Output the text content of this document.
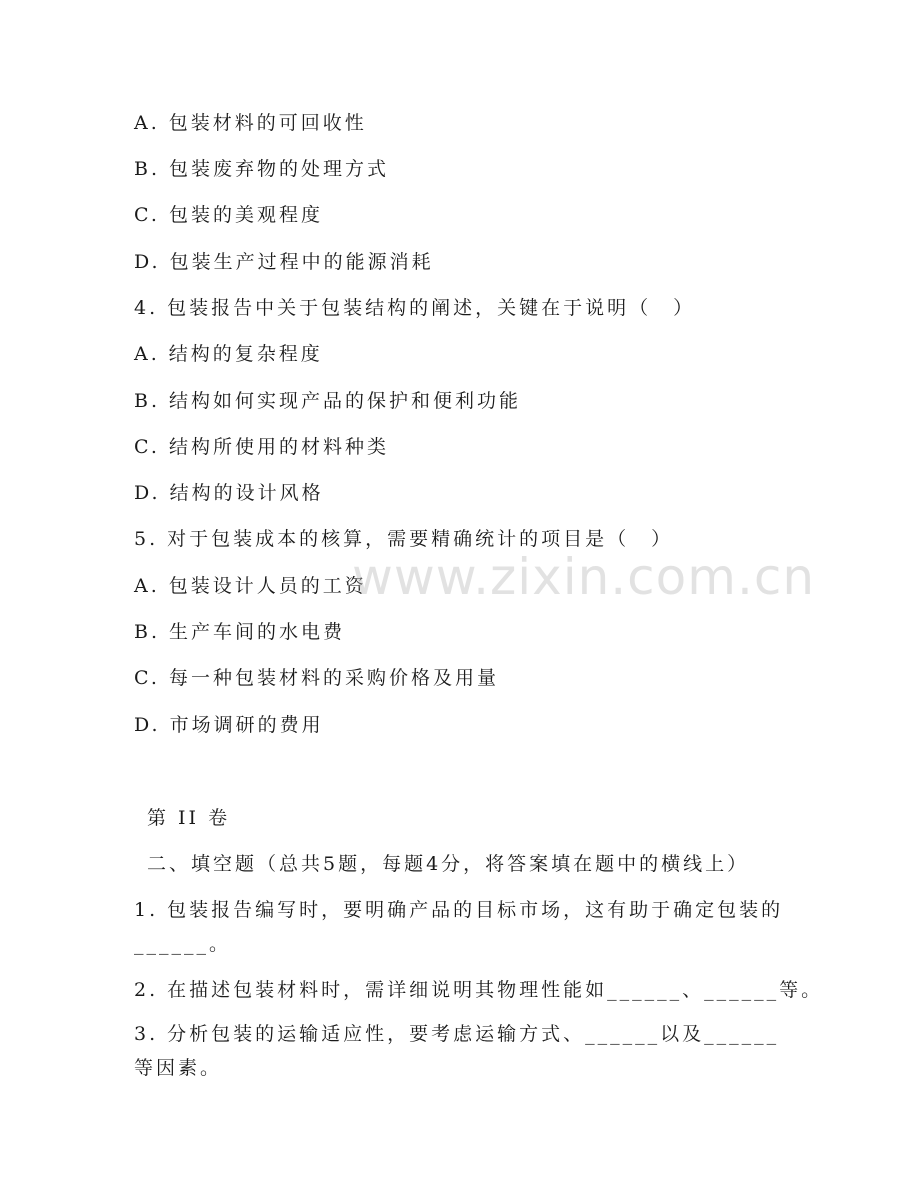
A. 包装材料的可回收性
B. 包装废弃物的处理方式
C. 包装的美观程度
D. 包装生产过程中的能源消耗
4. 包装报告中关于包装结构的阐述，关键在于说明（　）
A. 结构的复杂程度
B. 结构如何实现产品的保护和便利功能
C. 结构所使用的材料种类
D. 结构的设计风格
5. 对于包装成本的核算，需要精确统计的项目是（　）
A. 包装设计人员的工资
B. 生产车间的水电费
C. 每一种包装材料的采购价格及用量
D. 市场调研的费用
第 II 卷
二、填空题（总共5题，每题4分，将答案填在题中的横线上）
1. 包装报告编写时，要明确产品的目标市场，这有助于确定包装的______。
2. 在描述包装材料时，需详细说明其物理性能如______、______等。
3. 分析包装的运输适应性，要考虑运输方式、______以及______等因素。
www.zixin.com.cn
